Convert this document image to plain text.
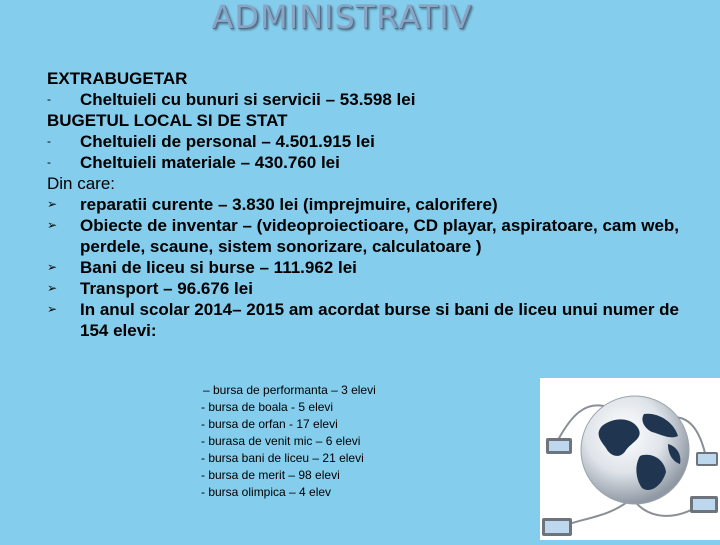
ADMINISTRATIV
EXTRABUGETAR
-	Cheltuieli cu bunuri si servicii – 53.598 lei
BUGETUL LOCAL SI DE STAT
-	Cheltuieli de personal – 4.501.915 lei
-	Cheltuieli materiale – 430.760 lei
Din care:
➢	reparatii curente – 3.830 lei (imprejmuire, calorifere)
➢	Obiecte de inventar – (videoproiectioare, CD playar, aspiratoare, cam web, perdele, scaune, sistem sonorizare, calculatoare )
➢	Bani de liceu si burse – 111.962 lei
➢	Transport – 96.676 lei
➢	In anul scolar 2014– 2015 am acordat burse si bani de liceu unui numer de 154 elevi:
– bursa de performanta – 3 elevi
- bursa de boala - 5 elevi
- bursa de orfan - 17 elevi
- burasa de venit mic – 6 elevi
- bursa bani de liceu – 21 elevi
- bursa de merit – 98 elevi
- bursa olimpica – 4 elev
